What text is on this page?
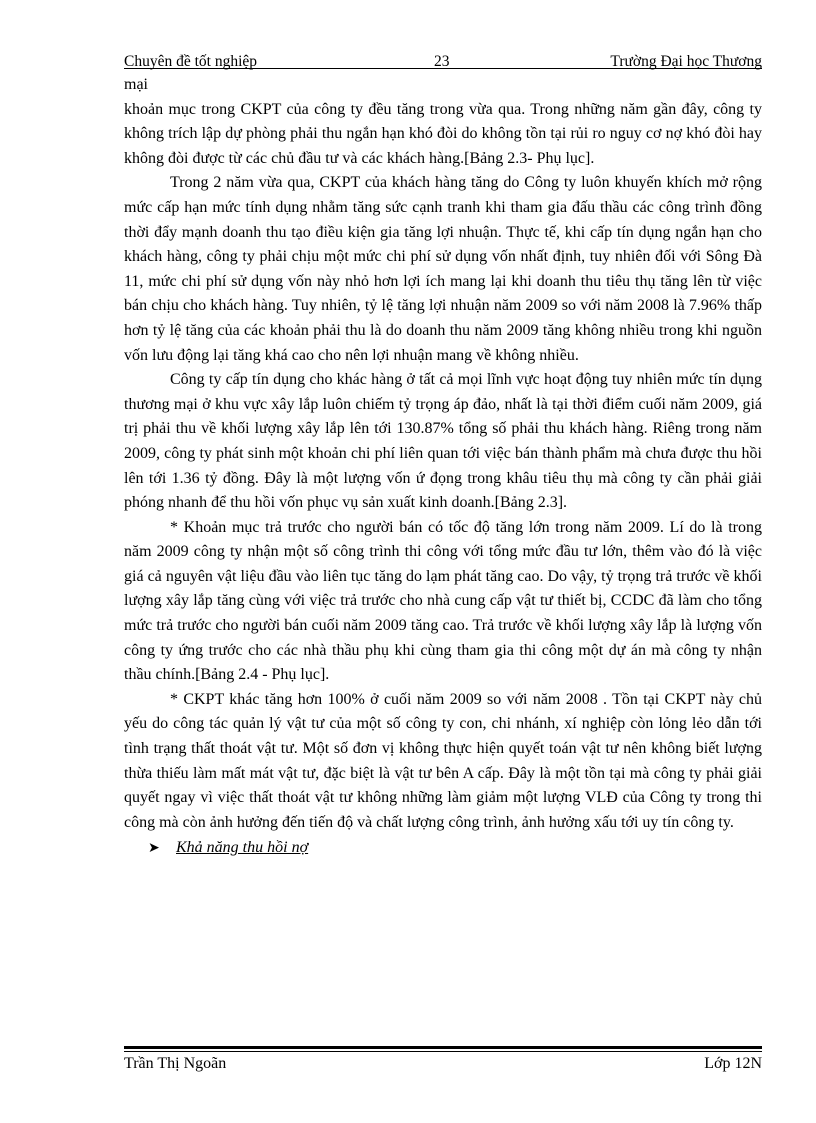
Chuyên đề tốt nghiệp	23	Trường Đại học Thương
mại

khoản mục trong CKPT của công ty đều tăng trong vừa qua. Trong những năm gần đây, công ty không trích lập dự phòng phải thu ngắn hạn khó đòi do không tồn tại rủi ro nguy cơ nợ khó đòi hay không đòi được từ các chủ đầu tư và các khách hàng.[Bảng 2.3- Phụ lục].

Trong 2 năm vừa qua, CKPT của khách hàng tăng do Công ty luôn khuyến khích mở rộng mức cấp hạn mức tính dụng nhằm tăng sức cạnh tranh khi tham gia đấu thầu các công trình đồng thời đẩy mạnh doanh thu tạo điều kiện gia tăng lợi nhuận. Thực tế, khi cấp tín dụng ngắn hạn cho khách hàng, công ty phải chịu một mức chi phí sử dụng vốn nhất định, tuy nhiên đối với Sông Đà 11, mức chi phí sử dụng vốn này nhỏ hơn lợi ích mang lại khi doanh thu tiêu thụ tăng lên từ việc bán chịu cho khách hàng. Tuy nhiên, tỷ lệ tăng lợi nhuận năm 2009 so với năm 2008 là 7.96% thấp hơn tỷ lệ tăng của các khoản phải thu là do doanh thu năm 2009 tăng không nhiều trong khi nguồn vốn lưu động lại tăng khá cao cho nên lợi nhuận mang về không nhiều.

Công ty cấp tín dụng cho khác hàng ở tất cả mọi lĩnh vực hoạt động tuy nhiên mức tín dụng thương mại ở khu vực xây lắp luôn chiếm tỷ trọng áp đảo, nhất là tại thời điểm cuối năm 2009, giá trị phải thu về khối lượng xây lắp lên tới 130.87% tổng số phải thu khách hàng. Riêng trong năm 2009, công ty phát sinh một khoản chi phí liên quan tới việc bán thành phẩm mà chưa được thu hồi lên tới 1.36 tỷ đồng. Đây là một lượng vốn ứ đọng trong khâu tiêu thụ mà công ty cần phải giải phóng nhanh để thu hồi vốn phục vụ sản xuất kinh doanh.[Bảng 2.3].

* Khoản mục trả trước cho người bán có tốc độ tăng lớn trong năm 2009. Lí do là trong năm 2009 công ty nhận một số công trình thi công với tổng mức đầu tư lớn, thêm vào đó là việc giá cả nguyên vật liệu đầu vào liên tục tăng do lạm phát tăng cao. Do vậy, tỷ trọng trả trước về khối lượng xây lắp tăng cùng với việc trả trước cho nhà cung cấp vật tư thiết bị, CCDC đã làm cho tổng mức trả trước cho người bán cuối năm 2009 tăng cao. Trả trước về khối lượng xây lắp là lượng vốn công ty ứng trước cho các nhà thầu phụ khi cùng tham gia thi công một dự án mà công ty nhận thầu chính.[Bảng 2.4 - Phụ lục].

* CKPT khác tăng hơn 100% ở cuối năm 2009 so với năm 2008 . Tồn tại CKPT này chủ yếu do công tác quản lý vật tư của một số công ty con, chi nhánh, xí nghiệp còn lỏng lẻo dẫn tới tình trạng thất thoát vật tư. Một số đơn vị không thực hiện quyết toán vật tư nên không biết lượng thừa thiếu làm mất mát vật tư, đặc biệt là vật tư bên A cấp. Đây là một tồn tại mà công ty phải giải quyết ngay vì việc thất thoát vật tư không những làm giảm một lượng VLĐ của Công ty trong thi công mà còn ảnh hưởng đến tiến độ và chất lượng công trình, ảnh hưởng xấu tới uy tín công ty.

➤ Khả năng thu hồi nợ
Trần Thị Ngoãn	Lớp 12N
